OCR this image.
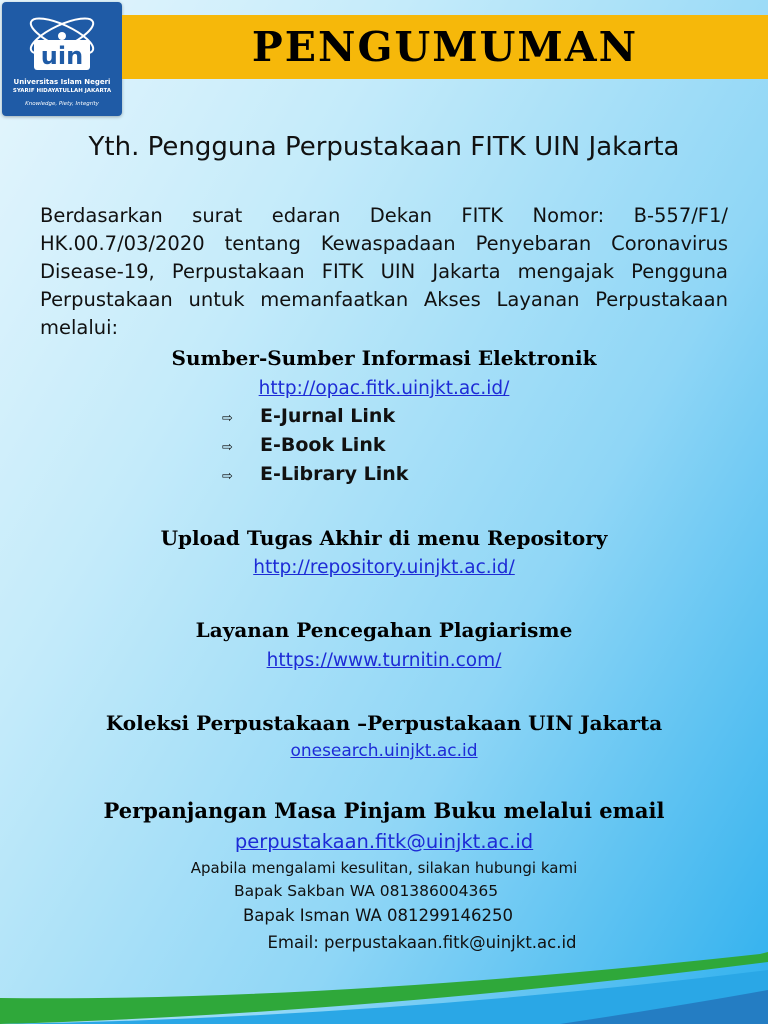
uin
Universitas Islam Negeri
SYARIF HIDAYATULLAH JAKARTA
Knowledge, Piety, Integrity
PENGUMUMAN
Yth. Pengguna Perpustakaan FITK UIN Jakarta
Berdasarkan surat edaran Dekan FITK Nomor: B-557/F1/ HK.00.7/03/2020 tentang Kewaspadaan Penyebaran Coronavirus Disease-19, Perpustakaan FITK UIN Jakarta mengajak Pengguna Perpustakaan untuk memanfaatkan Akses Layanan Perpustakaan melalui:
Sumber-Sumber Informasi Elektronik
http://opac.fitk.uinjkt.ac.id/
⇨ E-Jurnal Link
⇨ E-Book Link
⇨ E-Library Link
Upload Tugas Akhir di menu Repository
http://repository.uinjkt.ac.id/
Layanan Pencegahan Plagiarisme
https://www.turnitin.com/
Koleksi Perpustakaan –Perpustakaan UIN Jakarta
onesearch.uinjkt.ac.id
Perpanjangan Masa Pinjam Buku melalui email
perpustakaan.fitk@uinjkt.ac.id
Apabila mengalami kesulitan, silakan hubungi kami
Bapak Sakban WA 081386004365
Bapak Isman WA 081299146250
Email: perpustakaan.fitk@uinjkt.ac.id
